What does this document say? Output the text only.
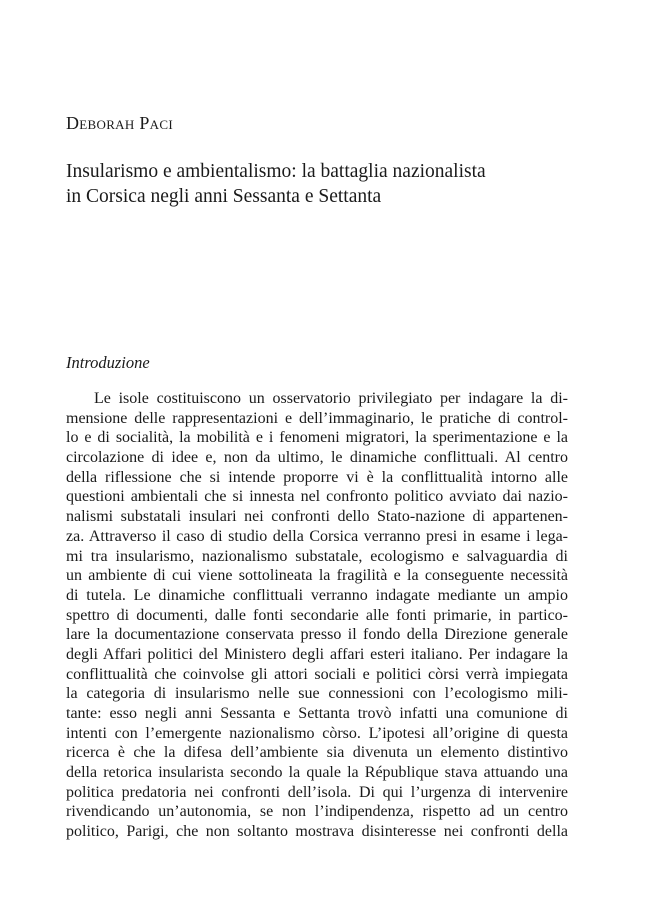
Deborah Paci
Insularismo e ambientalismo: la battaglia nazionalista
in Corsica negli anni Sessanta e Settanta
Introduzione
Le isole costituiscono un osservatorio privilegiato per indagare la di-
mensione delle rappresentazioni e dell’immaginario, le pratiche di control-
lo e di socialità, la mobilità e i fenomeni migratori, la sperimentazione e la
circolazione di idee e, non da ultimo, le dinamiche conflittuali. Al centro
della riflessione che si intende proporre vi è la conflittualità intorno alle
questioni ambientali che si innesta nel confronto politico avviato dai nazio-
nalismi substatali insulari nei confronti dello Stato-nazione di appartenen-
za. Attraverso il caso di studio della Corsica verranno presi in esame i lega-
mi tra insularismo, nazionalismo substatale, ecologismo e salvaguardia di
un ambiente di cui viene sottolineata la fragilità e la conseguente necessità
di tutela. Le dinamiche conflittuali verranno indagate mediante un ampio
spettro di documenti, dalle fonti secondarie alle fonti primarie, in partico-
lare la documentazione conservata presso il fondo della Direzione generale
degli Affari politici del Ministero degli affari esteri italiano. Per indagare la
conflittualità che coinvolse gli attori sociali e politici còrsi verrà impiegata
la categoria di insularismo nelle sue connessioni con l’ecologismo mili-
tante: esso negli anni Sessanta e Settanta trovò infatti una comunione di
intenti con l’emergente nazionalismo còrso. L’ipotesi all’origine di questa
ricerca è che la difesa dell’ambiente sia divenuta un elemento distintivo
della retorica insularista secondo la quale la République stava attuando una
politica predatoria nei confronti dell’isola. Di qui l’urgenza di intervenire
rivendicando un’autonomia, se non l’indipendenza, rispetto ad un centro
politico, Parigi, che non soltanto mostrava disinteresse nei confronti della
